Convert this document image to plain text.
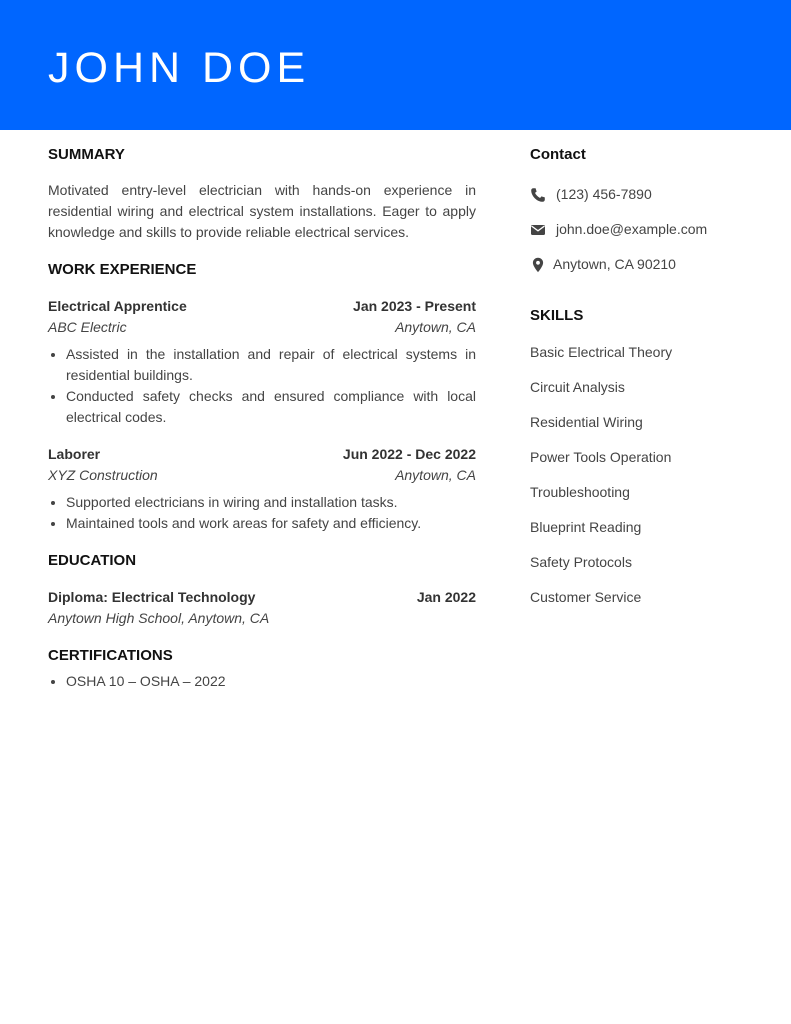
JOHN DOE
SUMMARY

Motivated entry-level electrician with hands-on experience in residential wiring and electrical system installations. Eager to apply knowledge and skills to provide reliable electrical services.

WORK EXPERIENCE
Electrical Apprentice	Jan 2023 - Present
ABC Electric	Anytown, CA
• Assisted in the installation and repair of electrical systems in residential buildings.
• Conducted safety checks and ensured compliance with local electrical codes.
Laborer	Jun 2022 - Dec 2022
XYZ Construction	Anytown, CA
• Supported electricians in wiring and installation tasks.
• Maintained tools and work areas for safety and efficiency.
EDUCATION
Diploma: Electrical Technology	Jan 2022
Anytown High School, Anytown, CA
CERTIFICATIONS
• OSHA 10 – OSHA – 2022
Contact
(123) 456-7890
john.doe@example.com
Anytown, CA 90210
SKILLS
Basic Electrical Theory
Circuit Analysis
Residential Wiring
Power Tools Operation
Troubleshooting
Blueprint Reading
Safety Protocols
Customer Service
